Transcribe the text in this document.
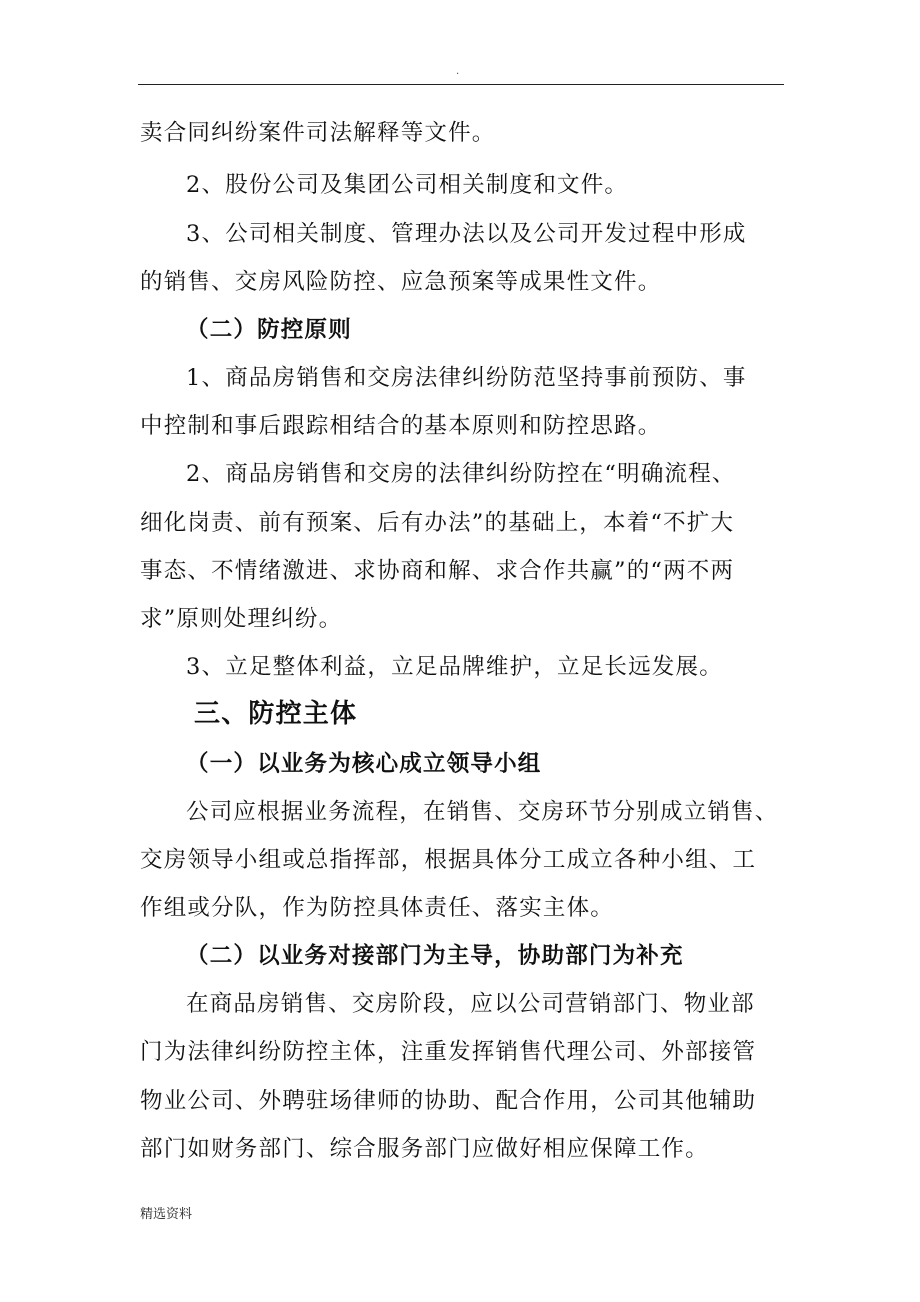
.

卖合同纠纷案件司法解释等文件。

2、股份公司及集团公司相关制度和文件。

3、公司相关制度、管理办法以及公司开发过程中形成

的销售、交房风险防控、应急预案等成果性文件。

（二）防控原则

1、商品房销售和交房法律纠纷防范坚持事前预防、事

中控制和事后跟踪相结合的基本原则和防控思路。

2、商品房销售和交房的法律纠纷防控在“明确流程、

细化岗责、前有预案、后有办法”的基础上，本着“不扩大

事态、不情绪激进、求协商和解、求合作共赢”的“两不两

求”原则处理纠纷。

3、立足整体利益，立足品牌维护，立足长远发展。

三、防控主体

（一）以业务为核心成立领导小组

公司应根据业务流程，在销售、交房环节分别成立销售、

交房领导小组或总指挥部，根据具体分工成立各种小组、工

作组或分队，作为防控具体责任、落实主体。

（二）以业务对接部门为主导，协助部门为补充

在商品房销售、交房阶段，应以公司营销部门、物业部

门为法律纠纷防控主体，注重发挥销售代理公司、外部接管

物业公司、外聘驻场律师的协助、配合作用，公司其他辅助

部门如财务部门、综合服务部门应做好相应保障工作。

精选资料
